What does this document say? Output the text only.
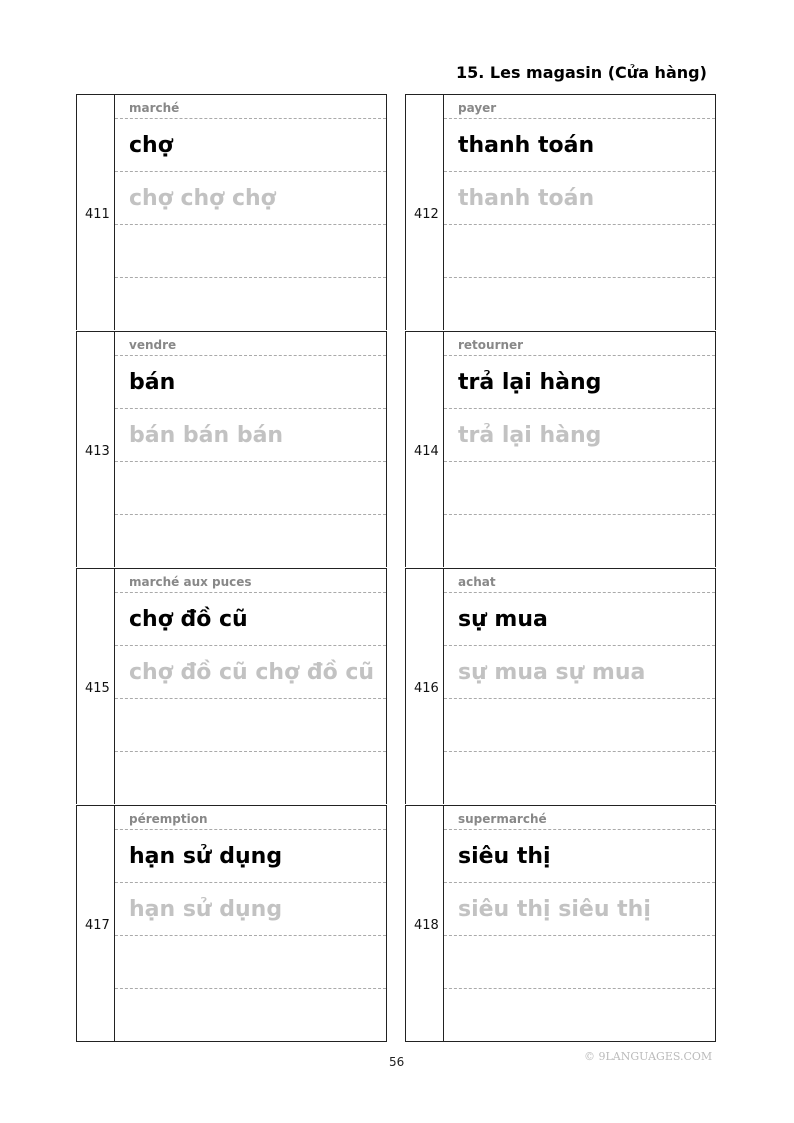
15. Les magasin (Cửa hàng)
411
marché
chợ
chợ chợ chợ
412
payer
thanh toán
thanh toán
413
vendre
bán
bán bán bán
414
retourner
trả lại hàng
trả lại hàng
415
marché aux puces
chợ đồ cũ
chợ đồ cũ chợ đồ cũ
416
achat
sự mua
sự mua sự mua
417
péremption
hạn sử dụng
hạn sử dụng
418
supermarché
siêu thị
siêu thị siêu thị
56	© 9LANGUAGES.COM
